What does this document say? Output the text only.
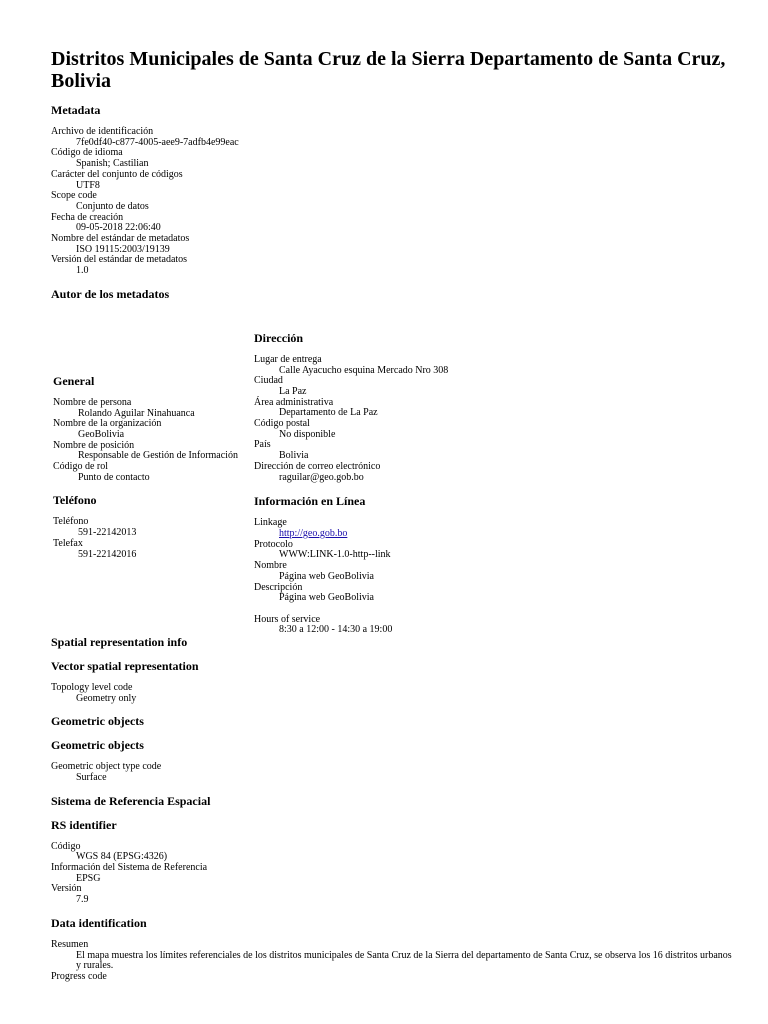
Distritos Municipales de Santa Cruz de la Sierra Departamento de Santa Cruz, Bolivia
Metadata
Archivo de identificación
7fe0df40-c877-4005-aee9-7adfb4e99eac
Código de idioma
Spanish; Castilian
Carácter del conjunto de códigos
UTF8
Scope code
Conjunto de datos
Fecha de creación
09-05-2018 22:06:40
Nombre del estándar de metadatos
ISO 19115:2003/19139
Versión del estándar de metadatos
1.0
Autor de los metadatos
General
Nombre de persona
Rolando Aguilar Ninahuanca
Nombre de la organización
GeoBolivia
Nombre de posición
Responsable de Gestión de Información
Código de rol
Punto de contacto
Teléfono
Teléfono
591-22142013
Telefax
591-22142016
Dirección
Lugar de entrega
Calle Ayacucho esquina Mercado Nro 308
Ciudad
La Paz
Área administrativa
Departamento de La Paz
Código postal
No disponible
País
Bolivia
Dirección de correo electrónico
raguilar@geo.gob.bo
Información en Línea
Linkage
http://geo.gob.bo
Protocolo
WWW:LINK-1.0-http--link
Nombre
Página web GeoBolivia
Descripción
Página web GeoBolivia
Hours of service
8:30 a 12:00 - 14:30 a 19:00
Spatial representation info
Vector spatial representation
Topology level code
Geometry only
Geometric objects
Geometric objects
Geometric object type code
Surface
Sistema de Referencia Espacial
RS identifier
Código
WGS 84 (EPSG:4326)
Información del Sistema de Referencia
EPSG
Versión
7.9
Data identification
Resumen
El mapa muestra los límites referenciales de los distritos municipales de Santa Cruz de la Sierra del departamento de Santa Cruz, se observa los 16 distritos urbanos y rurales.
Progress code
